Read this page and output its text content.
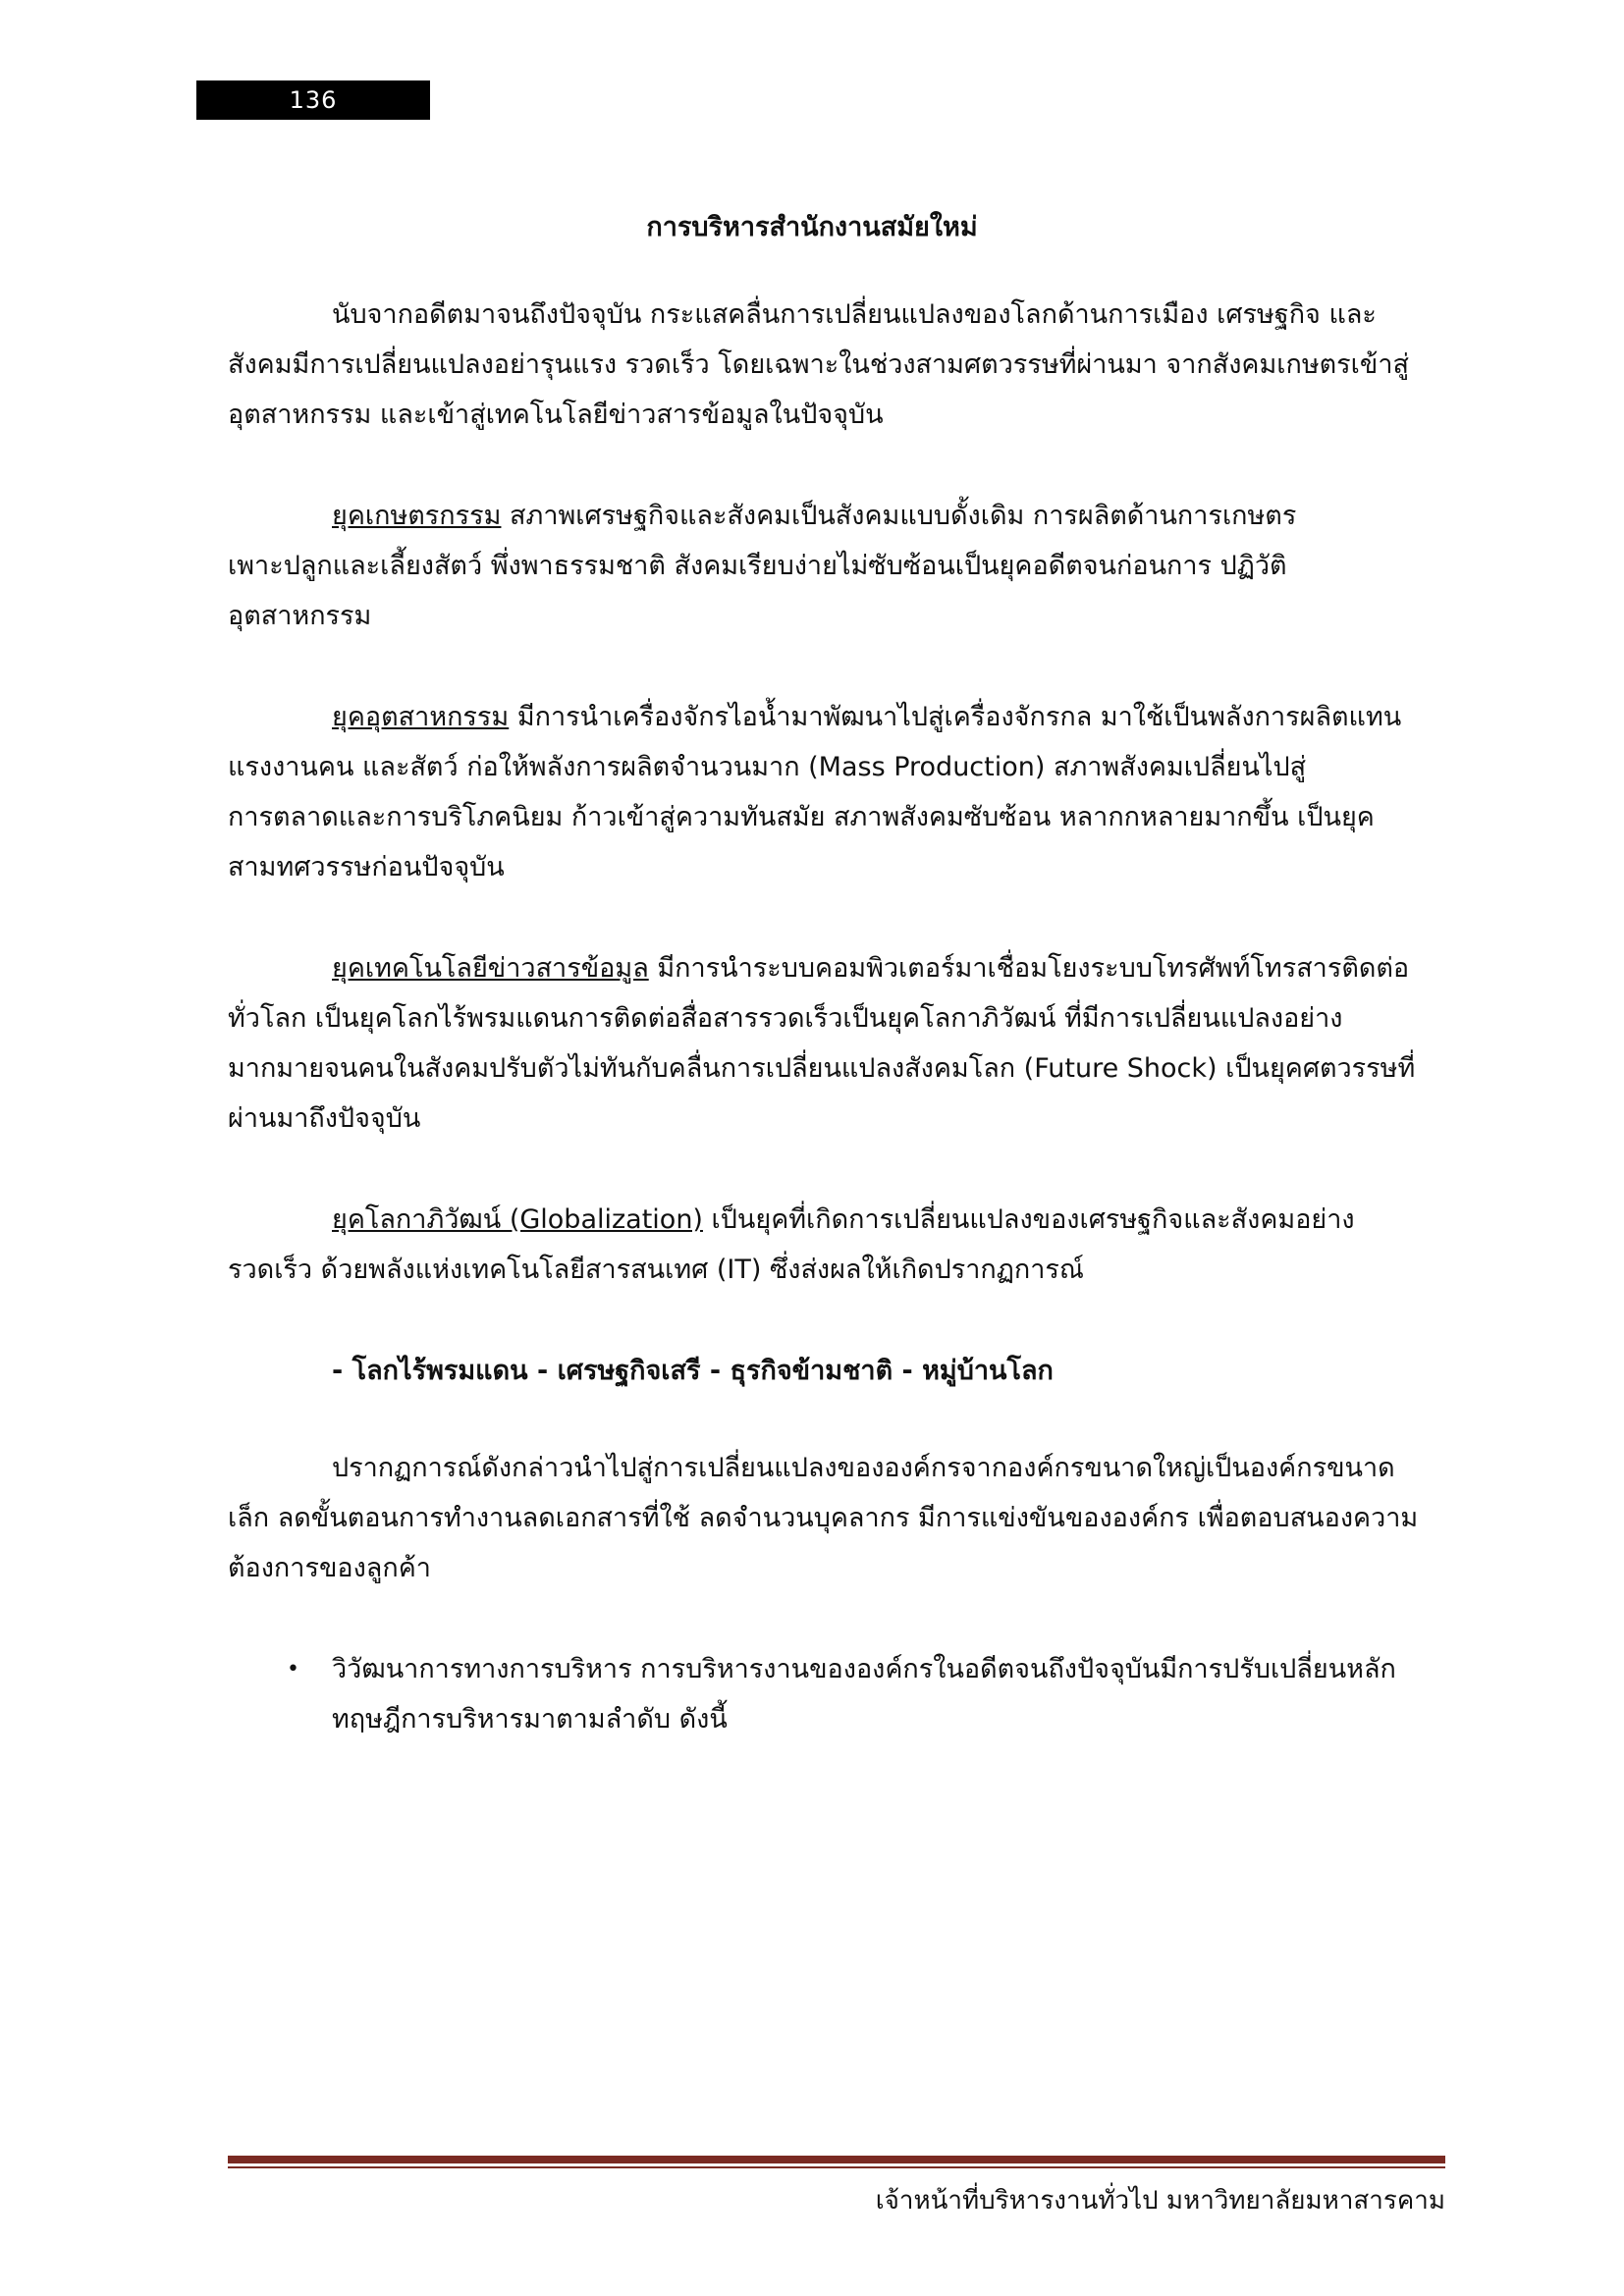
136
การบริหารสำนักงานสมัยใหม่
นับจากอดีตมาจนถึงปัจจุบัน กระแสคลื่นการเปลี่ยนแปลงของโลกด้านการเมือง เศรษฐกิจ และ
สังคมมีการเปลี่ยนแปลงอย่ารุนแรง รวดเร็ว โดยเฉพาะในช่วงสามศตวรรษที่ผ่านมา จากสังคมเกษตรเข้าสู่
อุตสาหกรรม และเข้าสู่เทคโนโลยีข่าวสารข้อมูลในปัจจุบัน
ยุคเกษตรกรรม สภาพเศรษฐกิจและสังคมเป็นสังคมแบบดั้งเดิม การผลิตด้านการเกษตร
เพาะปลูกและเลี้ยงสัตว์ พึ่งพาธรรมชาติ สังคมเรียบง่ายไม่ซับซ้อนเป็นยุคอดีตจนก่อนการ ปฏิวัติ
อุตสาหกรรม
ยุคอุตสาหกรรม มีการนำเครื่องจักรไอน้ำมาพัฒนาไปสู่เครื่องจักรกล มาใช้เป็นพลังการผลิตแทน
แรงงานคน และสัตว์ ก่อให้พลังการผลิตจำนวนมาก (Mass Production) สภาพสังคมเปลี่ยนไปสู่
การตลาดและการบริโภคนิยม ก้าวเข้าสู่ความทันสมัย สภาพสังคมซับซ้อน หลากกหลายมากขึ้น เป็นยุค
สามทศวรรษก่อนปัจจุบัน
ยุคเทคโนโลยีข่าวสารข้อมูล มีการนำระบบคอมพิวเตอร์มาเชื่อมโยงระบบโทรศัพท์โทรสารติดต่อ
ทั่วโลก เป็นยุคโลกไร้พรมแดนการติดต่อสื่อสารรวดเร็วเป็นยุคโลกาภิวัฒน์ ที่มีการเปลี่ยนแปลงอย่าง
มากมายจนคนในสังคมปรับตัวไม่ทันกับคลื่นการเปลี่ยนแปลงสังคมโลก (Future Shock) เป็นยุคศตวรรษที่
ผ่านมาถึงปัจจุบัน
ยุคโลกาภิวัฒน์ (Globalization) เป็นยุคที่เกิดการเปลี่ยนแปลงของเศรษฐกิจและสังคมอย่าง
รวดเร็ว ด้วยพลังแห่งเทคโนโลยีสารสนเทศ (IT) ซึ่งส่งผลให้เกิดปรากฏการณ์
- โลกไร้พรมแดน - เศรษฐกิจเสรี - ธุรกิจข้ามชาติ - หมู่บ้านโลก
ปรากฏการณ์ดังกล่าวนำไปสู่การเปลี่ยนแปลงขององค์กรจากองค์กรขนาดใหญ่เป็นองค์กรขนาด
เล็ก ลดขั้นตอนการทำงานลดเอกสารที่ใช้ ลดจำนวนบุคลากร มีการแข่งขันขององค์กร เพื่อตอบสนองความ
ต้องการของลูกค้า
• วิวัฒนาการทางการบริหาร การบริหารงานขององค์กรในอดีตจนถึงปัจจุบันมีการปรับเปลี่ยนหลัก
ทฤษฎีการบริหารมาตามลำดับ ดังนี้
เจ้าหน้าที่บริหารงานทั่วไป มหาวิทยาลัยมหาสารคาม
